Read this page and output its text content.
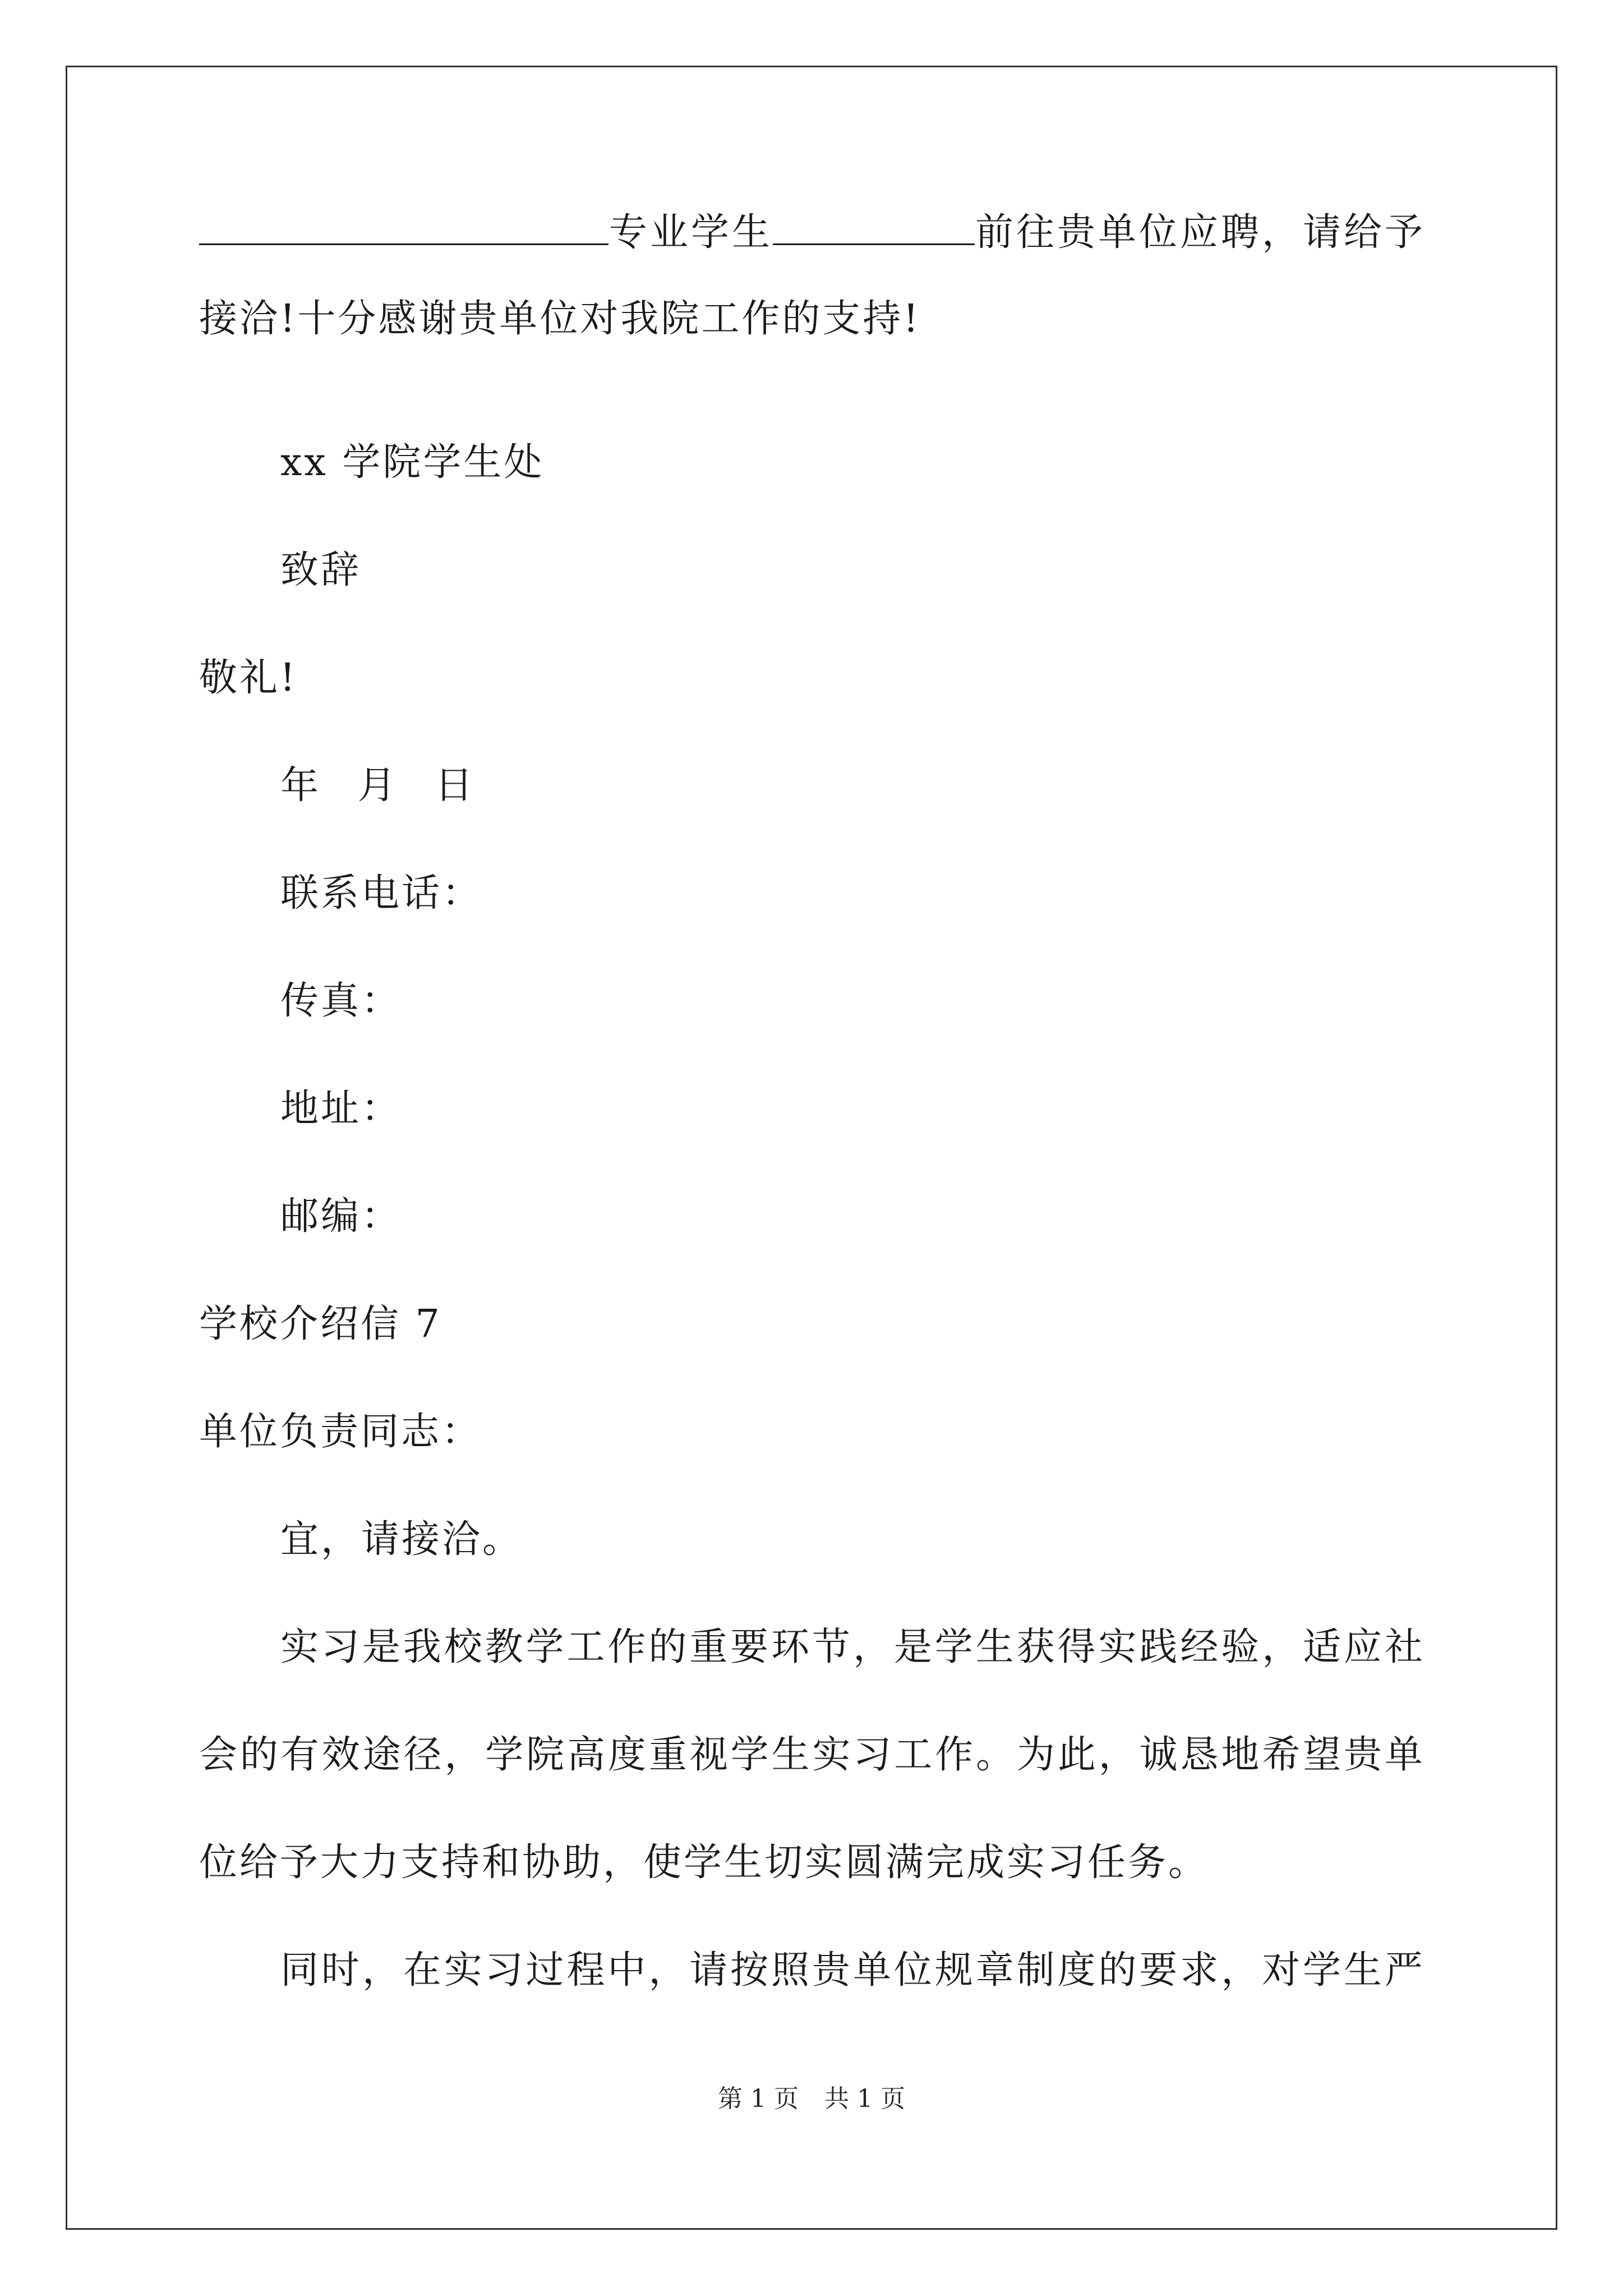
专业学生	前往贵单位应聘，请给予
接洽!十分感谢贵单位对我院工作的支持!
xx 学院学生处
致辞
敬礼!
年 月 日
联系电话：
传真：
地址：
邮编：
学校介绍信 7
单位负责同志：
宜，请接洽。
实习是我校教学工作的重要环节，是学生获得实践经验，适应社
会的有效途径，学院高度重视学生实习工作。为此，诚恳地希望贵单
位给予大力支持和协助，使学生切实圆满完成实习任务。
同时，在实习过程中，请按照贵单位规章制度的要求，对学生严
第 1 页 共 1 页
